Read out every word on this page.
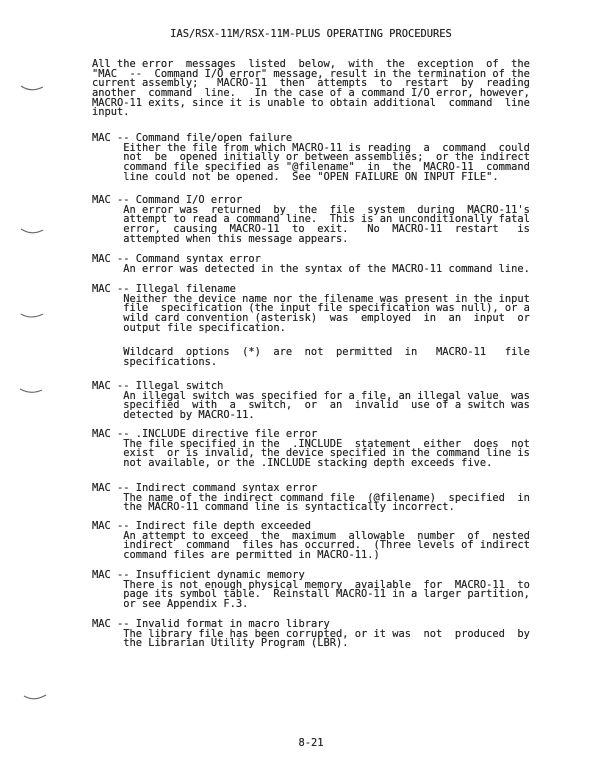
IAS/RSX-11M/RSX-11M-PLUS OPERATING PROCEDURES
All the error  messages  listed  below,  with  the  exception  of  the
"MAC  --  Command I/O error" message, result in the termination of the
current assembly;   MACRO-11  then  attempts  to  restart  by  reading
another  command  line.   In the case of a command I/O error, however,
MACRO-11 exits, since it is unable to obtain additional  command  line
input.
MAC -- Command file/open failure
Either the file from which MACRO-11 is reading  a  command  could
not  be  opened initially or between assemblies;  or the indirect
command file specified as "@filename"  in  the  MACRO-11  command
line could not be opened.  See "OPEN FAILURE ON INPUT FILE".
MAC -- Command I/O error
An error was  returned  by  the  file  system  during  MACRO-11's
attempt to read a command line.  This is an unconditionally fatal
error,  causing  MACRO-11  to  exit.   No  MACRO-11  restart   is
attempted when this message appears.
MAC -- Command syntax error
An error was detected in the syntax of the MACRO-11 command line.
MAC -- Illegal filename
Neither the device name nor the filename was present in the input
file  specification (the input file specification was null), or a
wild card convention (asterisk)  was  employed  in  an  input  or
output file specification.
Wildcard  options  (*)  are  not  permitted  in   MACRO-11   file
specifications.
MAC -- Illegal switch
An illegal switch was specified for a file, an illegal value  was
specified  with  a  switch,  or  an  invalid  use of a switch was
detected by MACRO-11.
MAC -- .INCLUDE directive file error
The file specified in the  .INCLUDE  statement  either  does  not
exist  or is invalid, the device specified in the command line is
not available, or the .INCLUDE stacking depth exceeds five.
MAC -- Indirect command syntax error
The name of the indirect command file  (@filename)  specified  in
the MACRO-11 command line is syntactically incorrect.
MAC -- Indirect file depth exceeded
An attempt to exceed  the  maximum  allowable  number  of  nested
indirect  command  files has occurred.  (Three levels of indirect
command files are permitted in MACRO-11.)
MAC -- Insufficient dynamic memory
There is not enough physical memory  available  for  MACRO-11  to
page its symbol table.  Reinstall MACRO-11 in a larger partition,
or see Appendix F.3.
MAC -- Invalid format in macro library
The library file has been corrupted, or it was  not  produced  by
the Librarian Utility Program (LBR).
8-21
